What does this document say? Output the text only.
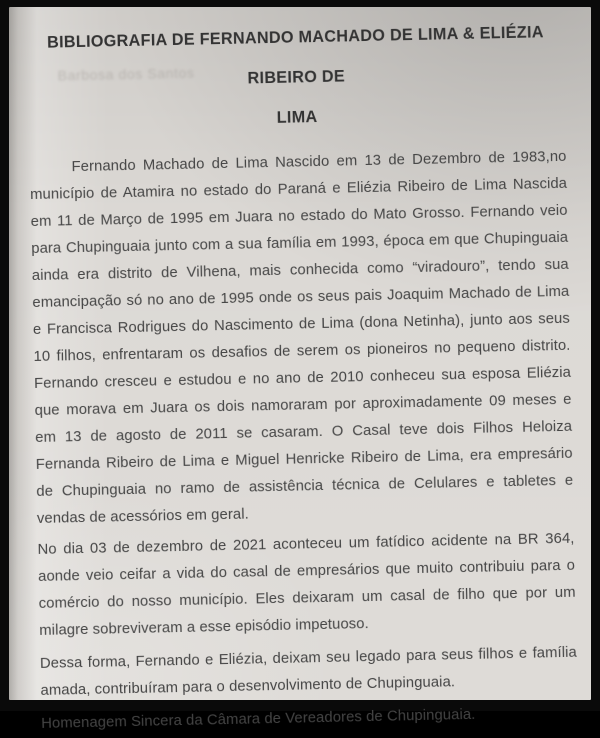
Barbosa dos Santos
BIBLIOGRAFIA DE FERNANDO MACHADO DE LIMA & ELIÉZIA RIBEIRO DE
LIMA
Fernando Machado de Lima Nascido em 13 de Dezembro de 1983,no
município de Atamira no estado do Paraná e Eliézia Ribeiro de Lima Nascida
em 11 de Março de 1995 em Juara no estado do Mato Grosso. Fernando veio
para Chupinguaia junto com a sua família em 1993, época em que Chupinguaia
ainda era distrito de Vilhena, mais conhecida como “viradouro”, tendo sua
emancipação só no ano de 1995 onde os seus pais Joaquim Machado de Lima
e Francisca Rodrigues do Nascimento de Lima (dona Netinha), junto aos seus
10 filhos, enfrentaram os desafios de serem os pioneiros no pequeno distrito.
Fernando cresceu e estudou e no ano de 2010 conheceu sua esposa Eliézia
que morava em Juara os dois namoraram por aproximadamente 09 meses e
em 13 de agosto de 2011 se casaram. O Casal teve dois Filhos Heloiza
Fernanda Ribeiro de Lima e Miguel Henricke Ribeiro de Lima, era empresário
de Chupinguaia no ramo de assistência técnica de Celulares e tabletes e
vendas de acessórios em geral.
No dia 03 de dezembro de 2021 aconteceu um fatídico acidente na BR 364,
aonde veio ceifar a vida do casal de empresários que muito contribuiu para o
comércio do nosso município. Eles deixaram um casal de filho que por um
milagre sobreviveram a esse episódio impetuoso.
Dessa forma, Fernando e Eliézia, deixam seu legado para seus filhos e família
amada, contribuíram para o desenvolvimento de Chupinguaia.
Homenagem Sincera da Câmara de Vereadores de Chupinguaia.
